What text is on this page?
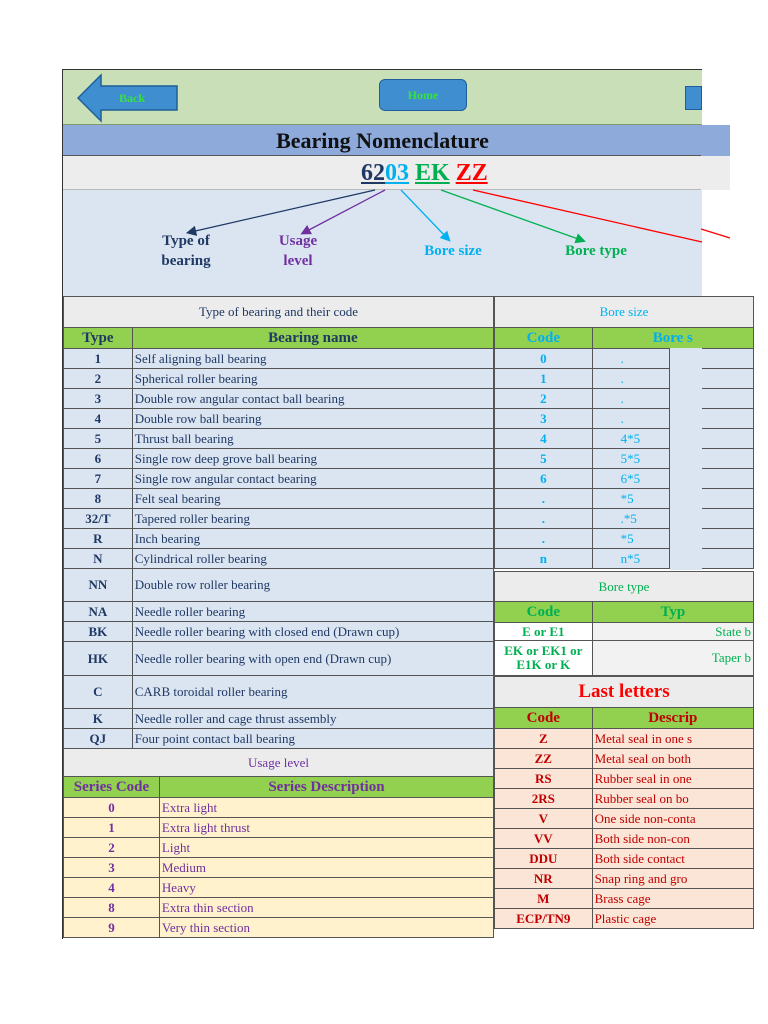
Back	Home
Bearing Nomenclature
6203 EK ZZ
Type of
bearing
Usage
level
Bore size	Bore type
Type of bearing and their code	
Type	Bearing name
1	Self aligning ball bearing
2	Spherical roller bearing
3	Double row angular contact ball bearing
4	Double row ball bearing
5	Thrust ball bearing
6	Single row deep grove ball bearing
7	Single row angular contact bearing
8	Felt seal bearing
32/T	Tapered roller bearing
R	Inch bearing
N	Cylindrical roller bearing
NN	Double row roller bearing
NA	Needle roller bearing
BK	Needle roller bearing with closed end (Drawn cup)
HK	Needle roller bearing with open end (Drawn cup)
C	CARB toroidal roller bearing
K	Needle roller and cage thrust assembly
QJ	Four point contact ball bearing
Usage level	
Series Code	Series Description
0	Extra light
1	Extra light thrust
2	Light
3	Medium
4	Heavy
8	Extra thin section
9	Very thin section
Bore size		
Code	Bore s	
0	.	
1	.	
2	.	
3	.	
4	4*5	
5	5*5	
6	6*5	
.	*5	
.	.*5	
.	*5	
n	n*5	
Bore type	
Code	Typ
E or E1	State b
EK or EK1 or E1K or K	Taper b
Last letters	
Code	Descrip
Z	Metal seal in one s
ZZ	Metal seal on both
RS	Rubber seal in one
2RS	Rubber seal on bo
V	One side non-conta
VV	Both side non-con
DDU	Both side contact
NR	Snap ring and gro
M	Brass cage
ECP/TN9	Plastic cage
